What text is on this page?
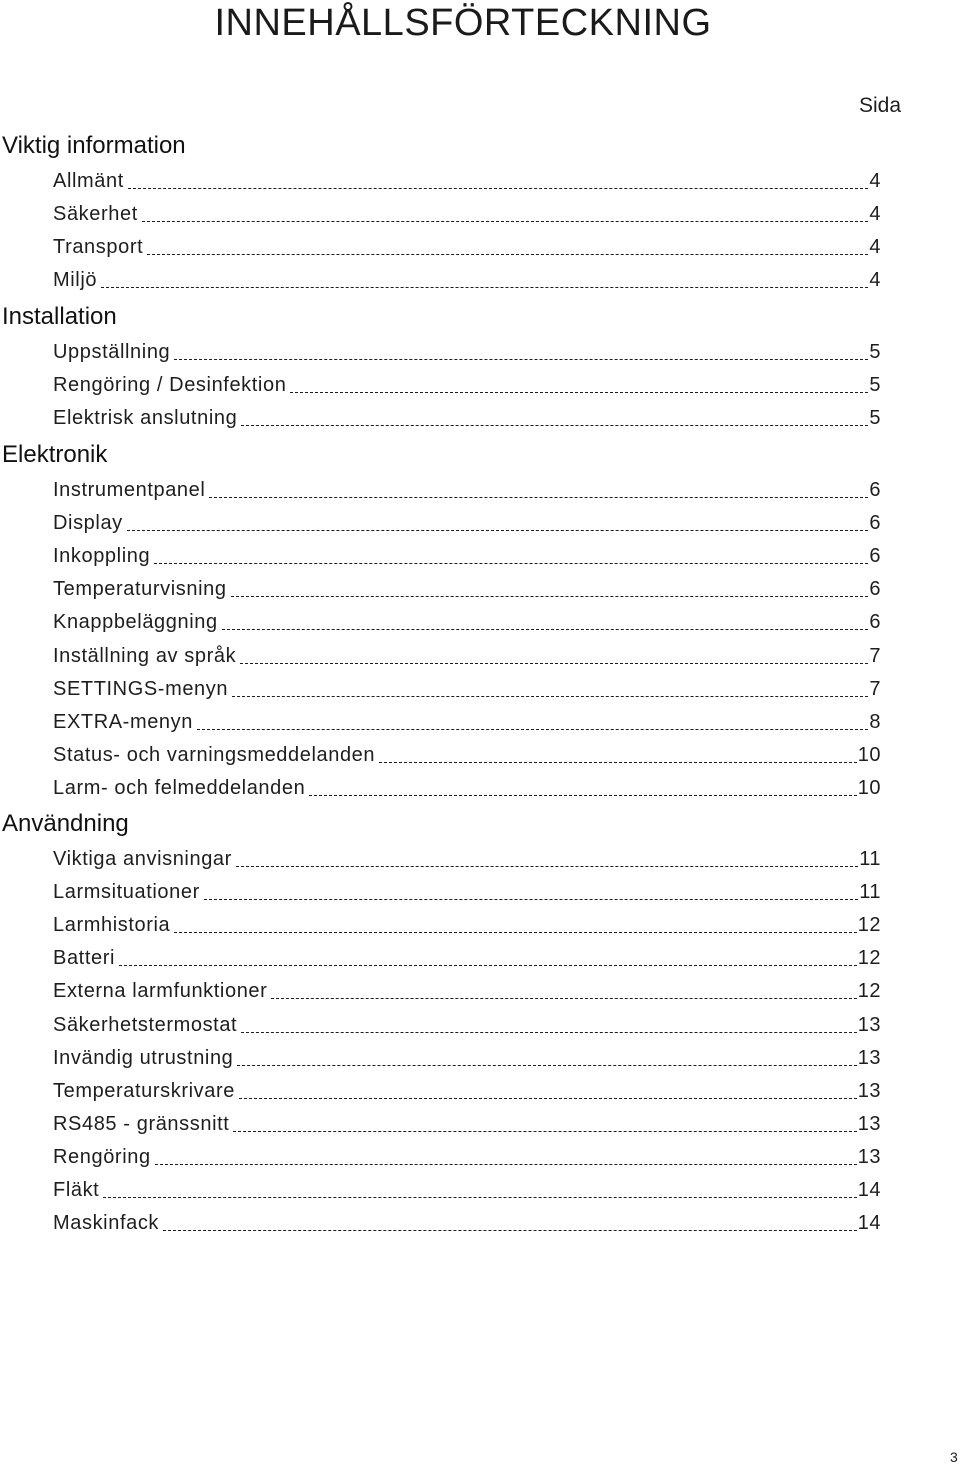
INNEHÅLLSFÖRTECKNING
Sida
Viktig information
Allmänt	4
Säkerhet	4
Transport	4
Miljö	4
Installation
Uppställning	5
Rengöring / Desinfektion	5
Elektrisk anslutning	5
Elektronik
Instrumentpanel	6
Display	6
Inkoppling	6
Temperaturvisning	6
Knappbeläggning	6
Inställning av språk	7
SETTINGS-menyn	7
EXTRA-menyn	8
Status- och varningsmeddelanden	10
Larm- och felmeddelanden	10
Användning
Viktiga anvisningar	11
Larmsituationer	11
Larmhistoria	12
Batteri	12
Externa larmfunktioner	12
Säkerhetstermostat	13
Invändig utrustning	13
Temperaturskrivare	13
RS485 - gränssnitt	13
Rengöring	13
Fläkt	14
Maskinfack	14
3
